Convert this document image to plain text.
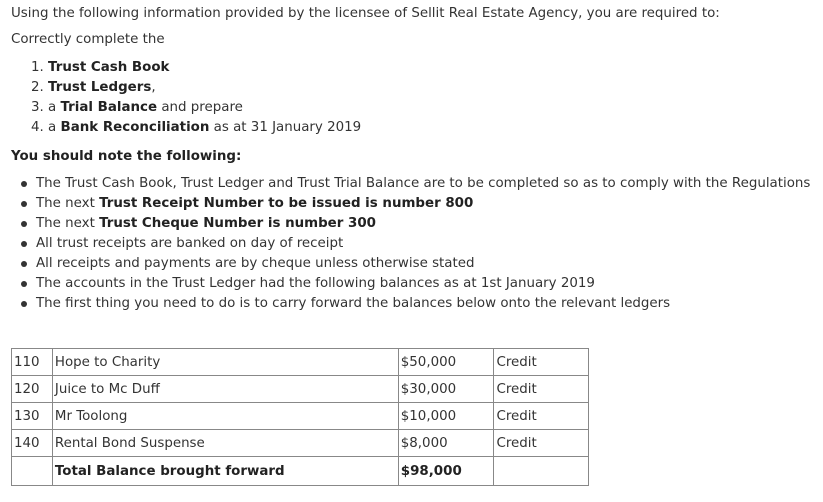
Using the following information provided by the licensee of Sellit Real Estate Agency, you are required to:
Correctly complete the
1. Trust Cash Book
2. Trust Ledgers,
3. a Trial Balance and prepare
4. a Bank Reconciliation as at 31 January 2019
You should note the following:
The Trust Cash Book, Trust Ledger and Trust Trial Balance are to be completed so as to comply with the Regulations
The next Trust Receipt Number to be issued is number 800
The next Trust Cheque Number is number 300
All trust receipts are banked on day of receipt
All receipts and payments are by cheque unless otherwise stated
The accounts in the Trust Ledger had the following balances as at 1st January 2019
The first thing you need to do is to carry forward the balances below onto the relevant ledgers
110	Hope to Charity	$50,000	Credit
120	Juice to Mc Duff	$30,000	Credit
130	Mr Toolong	$10,000	Credit
140	Rental Bond Suspense	$8,000	Credit
	Total Balance brought forward	$98,000	
